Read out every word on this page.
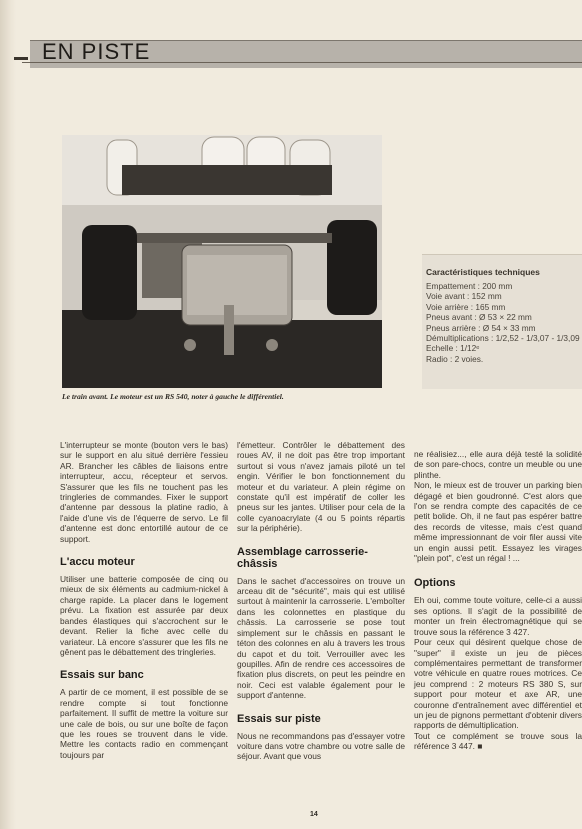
EN PISTE
Le train avant. Le moteur est un RS 540, noter à gauche le différentiel.
Caractéristiques techniques
Empattement : 200 mm
Voie avant : 152 mm
Voie arrière : 165 mm
Pneus avant : Ø 53 × 22 mm
Pneus arrière : Ø 54 × 33 mm
Démultiplications : 1/2,52 - 1/3,07 - 1/3,09
Echelle : 1/12ᵉ
Radio : 2 voies.

L'interrupteur se monte (bouton vers le bas) sur le support en alu situé derrière l'essieu AR. Brancher les câbles de liaisons entre interrupteur, accu, récepteur et servos. S'assurer que les fils ne touchent pas les tringleries de commandes. Fixer le support d'antenne par dessous la platine radio, à l'aide d'une vis de l'équerre de servo. Le fil d'antenne est donc entortillé autour de ce support.

L'accu moteur

Utiliser une batterie composée de cinq ou mieux de six éléments au cadmium-nickel à charge rapide. La placer dans le logement prévu. La fixation est assurée par deux bandes élastiques qui s'accrochent sur le devant. Relier la fiche avec celle du variateur. Là encore s'assurer que les fils ne gênent pas le débattement des tringleries.

Essais sur banc

A partir de ce moment, il est possible de se rendre compte si tout fonctionne parfaitement. Il suffit de mettre la voiture sur une cale de bois, ou sur une boîte de façon que les roues se trouvent dans le vide. Mettre les contacts radio en commençant toujours par

l'émetteur. Contrôler le débattement des roues AV, il ne doit pas être trop important surtout si vous n'avez jamais piloté un tel engin. Vérifier le bon fonctionnement du moteur et du variateur. A plein régime on constate qu'il est impératif de coller les pneus sur les jantes. Utiliser pour cela de la colle cyanoacrylate (4 ou 5 points répartis sur la périphérie).

Assemblage carrosserie-châssis

Dans le sachet d'accessoires on trouve un arceau dit de "sécurité", mais qui est utilisé surtout à maintenir la carrosserie. L'emboîter dans les colonnettes en plastique du châssis. La carrosserie se pose tout simplement sur le châssis en passant le téton des colonnes en alu à travers les trous du capot et du toit. Verrouiller avec les goupilles. Afin de rendre ces accessoires de fixation plus discrets, on peut les peindre en noir. Ceci est valable également pour le support d'antenne.

Essais sur piste

Nous ne recommandons pas d'essayer votre voiture dans votre chambre ou votre salle de séjour. Avant que vous

ne réalisiez..., elle aura déjà testé la solidité de son pare-chocs, contre un meuble ou une plinthe.

Non, le mieux est de trouver un parking bien dégagé et bien goudronné. C'est alors que l'on se rendra compte des capacités de ce petit bolide. Oh, il ne faut pas espérer battre des records de vitesse, mais c'est quand même impressionnant de voir filer aussi vite un engin aussi petit. Essayez les virages "plein pot", c'est un régal ! ...

Options

Eh oui, comme toute voiture, celle-ci a aussi ses options. Il s'agit de la possibilité de monter un frein électromagnétique qui se trouve sous la référence 3 427.

Pour ceux qui désirent quelque chose de "super" il existe un jeu de pièces complémentaires permettant de transformer votre véhicule en quatre roues motrices. Ce jeu comprend : 2 moteurs RS 380 S, sur support pour moteur et axe AR, une couronne d'entraînement avec différentiel et un jeu de pignons permettant d'obtenir divers rapports de démultiplication.

Tout ce complément se trouve sous la référence 3 447. ■

14
